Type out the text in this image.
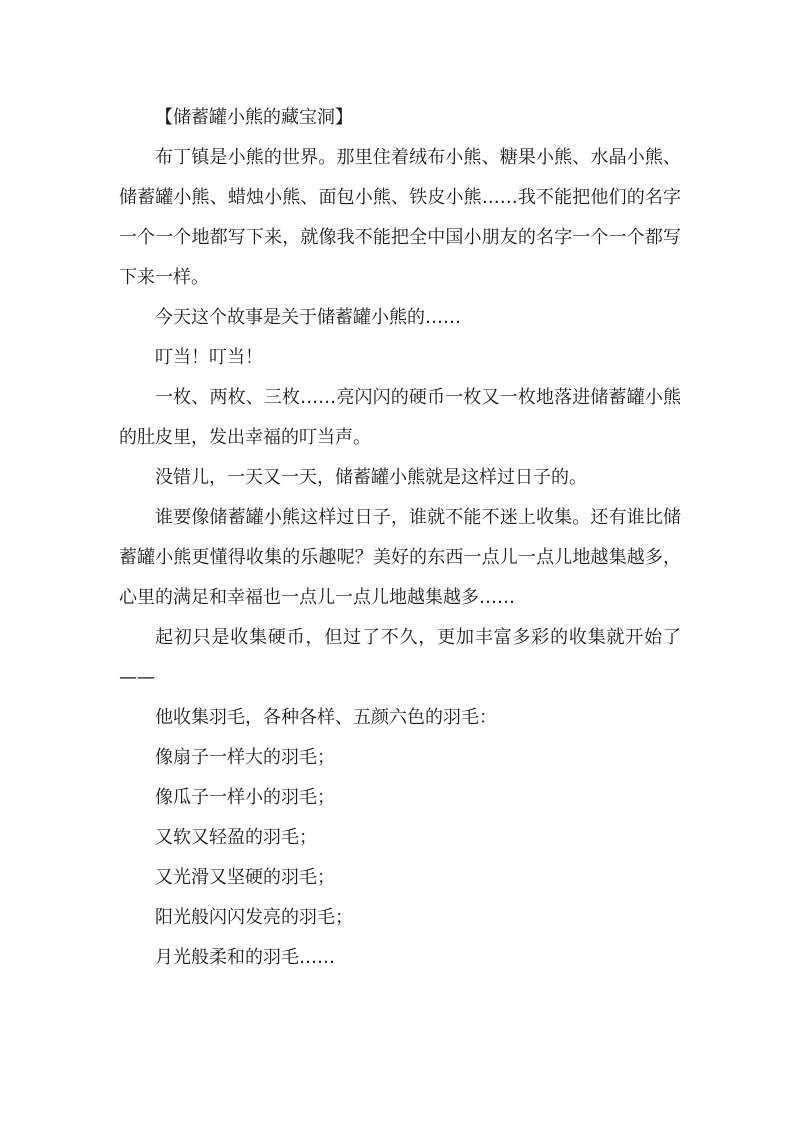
【储蓄罐小熊的藏宝洞】

布丁镇是小熊的世界。那里住着绒布小熊、糖果小熊、水晶小熊、储蓄罐小熊、蜡烛小熊、面包小熊、铁皮小熊……我不能把他们的名字一个一个地都写下来，就像我不能把全中国小朋友的名字一个一个都写下来一样。

今天这个故事是关于储蓄罐小熊的……

叮当！叮当！

一枚、两枚、三枚……亮闪闪的硬币一枚又一枚地落进储蓄罐小熊的肚皮里，发出幸福的叮当声。

没错儿，一天又一天，储蓄罐小熊就是这样过日子的。

谁要像储蓄罐小熊这样过日子，谁就不能不迷上收集。还有谁比储蓄罐小熊更懂得收集的乐趣呢？美好的东西一点儿一点儿地越集越多，心里的满足和幸福也一点儿一点儿地越集越多……

起初只是收集硬币，但过了不久，更加丰富多彩的收集就开始了——

他收集羽毛，各种各样、五颜六色的羽毛：

像扇子一样大的羽毛；

像瓜子一样小的羽毛；

又软又轻盈的羽毛；

又光滑又坚硬的羽毛；

阳光般闪闪发亮的羽毛；

月光般柔和的羽毛……
